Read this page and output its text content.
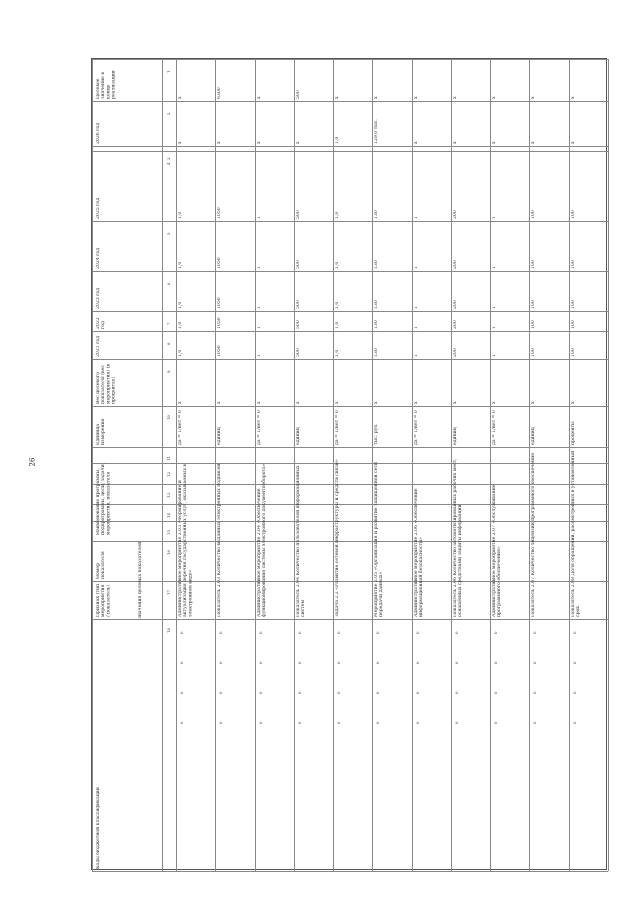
26
Целевое значение в конце реализации
2026 год
2025 год
2024 год
2023 год
2022 год
2021 год
Вес целевого показателя (вес мероприятия) (в процентах)
Единица измерения
Наименование программы, подпрограммы, цели, задачи, мероприятия, показателя
Номер показателя
Признак (тип мероприятия / показатель)
Коды бюджетной классификации
Значения целевых показателей
1
2
3
4
5
6
7
8
9
10
11
12
13
14
15
16
17
18
х
х
1,0
1,0
1,0
1,0
1,0
х
да = 1/нет = 0
Административное мероприятие 2.03 «Формирование и актуализация перечня государственных услуг, оказываемых в электронном виде»
0
0
0
0
6300
х
1050
1050
1050
1050
1050
х
единиц
Показатель 2.03 Количество выданных электронных подписей
0
0
0
0
х
х
1
1
1
1
1
х
да = 1/нет = 0
Административное мероприятие 2.04 «Обеспечение функционирования системы электронного документооборота»
0
0
0
0
500
х
500
500
500
500
500
х
единиц
Показатель 2.04 Количество пользователей информационных систем
0
0
0
0
х
1,0
1,0
1,0
1,0
1,0
1,0
х
да = 1/нет = 0
Задача 2.2 «Развитие сетевой инфраструктуры и средств связи»
0
0
0
0
х
129,0 тыс.
130
130
130
130
130
х
тыс. руб.
Мероприятие 2.05 «Организация и развитие защищённой сети передачи данных»
0
0
0
0
х
х
1
1
1
1
1
х
да = 1/нет = 0
Административное мероприятие 2.06 «Обеспечение информационной безопасности»
0
0
0
0
х
х
200
200
200
200
200
х
единиц
Показатель 2.06 Количество автоматизированных рабочих мест, оснащённых средствами защиты информации
0
0
0
0
х
х
1
1
1
1
1
х
да = 1/нет = 0
Административное мероприятие 2.07 «Обслуживание программного обеспечения»
0
0
0
0
х
х
100
100
100
100
100
х
единиц
Показатель 2.07 Количество лицензий программного обеспечения
0
0
0
0
х
х
100
100
100
100
100
х
проценты
Показатель 2.08 Доля обращений, рассмотренных в установленный срок
0
0
0
0
